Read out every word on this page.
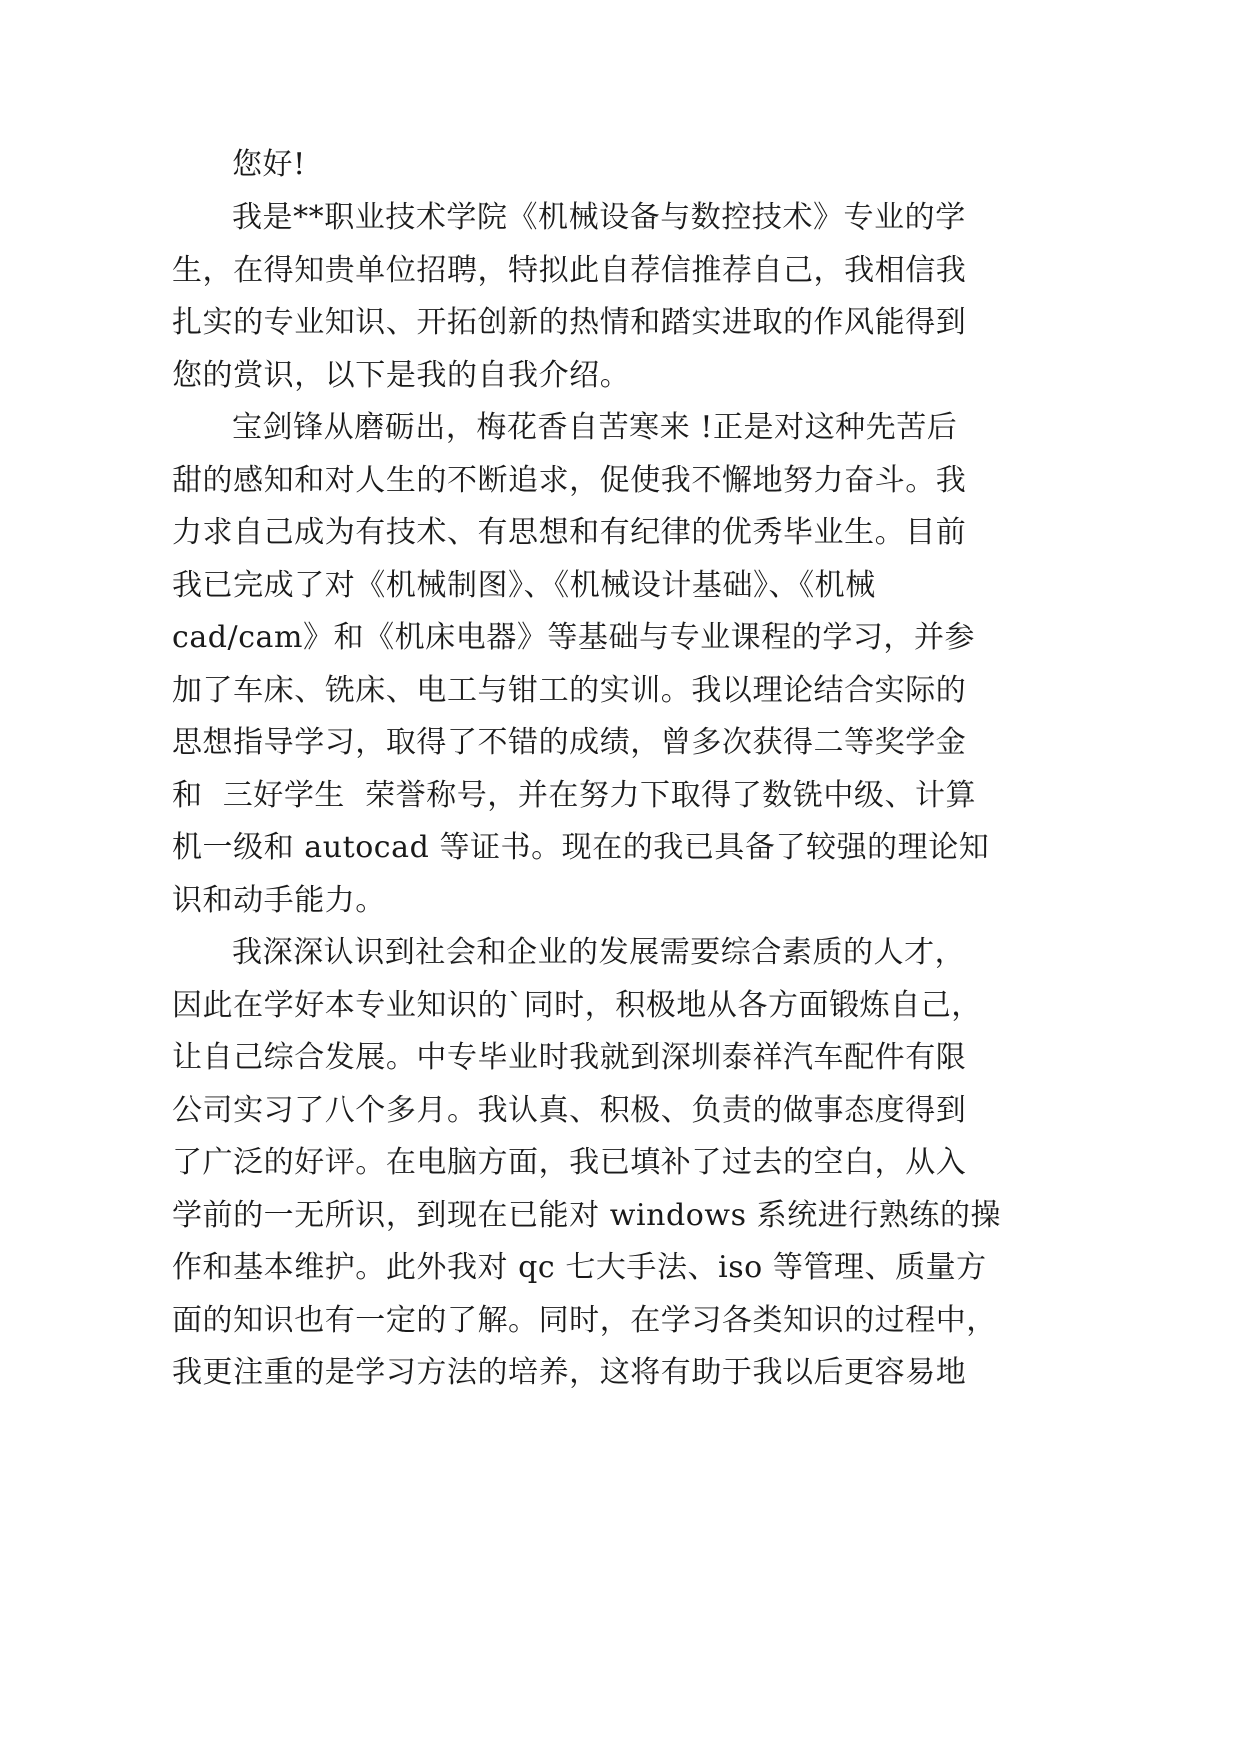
您好!
我是**职业技术学院《机械设备与数控技术》专业的学
生，在得知贵单位招聘，特拟此自荐信推荐自己，我相信我
扎实的专业知识、开拓创新的热情和踏实进取的作风能得到
您的赏识，以下是我的自我介绍。
宝剑锋从磨砺出，梅花香自苦寒来 !正是对这种先苦后
甜的感知和对人生的不断追求，促使我不懈地努力奋斗。我
力求自己成为有技术、有思想和有纪律的优秀毕业生。目前
我已完成了对《机械制图》、《机械设计基础》、《机械
cad/cam》和《机床电器》等基础与专业课程的学习，并参
加了车床、铣床、电工与钳工的实训。我以理论结合实际的
思想指导学习，取得了不错的成绩，曾多次获得二等奖学金
和  三好学生  荣誉称号，并在努力下取得了数铣中级、计算
机一级和 autocad 等证书。现在的我已具备了较强的理论知
识和动手能力。
我深深认识到社会和企业的发展需要综合素质的人才，
因此在学好本专业知识的`同时，积极地从各方面锻炼自己，
让自己综合发展。中专毕业时我就到深圳泰祥汽车配件有限
公司实习了八个多月。我认真、积极、负责的做事态度得到
了广泛的好评。在电脑方面，我已填补了过去的空白，从入
学前的一无所识，到现在已能对 windows 系统进行熟练的操
作和基本维护。此外我对 qc 七大手法、iso 等管理、质量方
面的知识也有一定的了解。同时，在学习各类知识的过程中，
我更注重的是学习方法的培养，这将有助于我以后更容易地
